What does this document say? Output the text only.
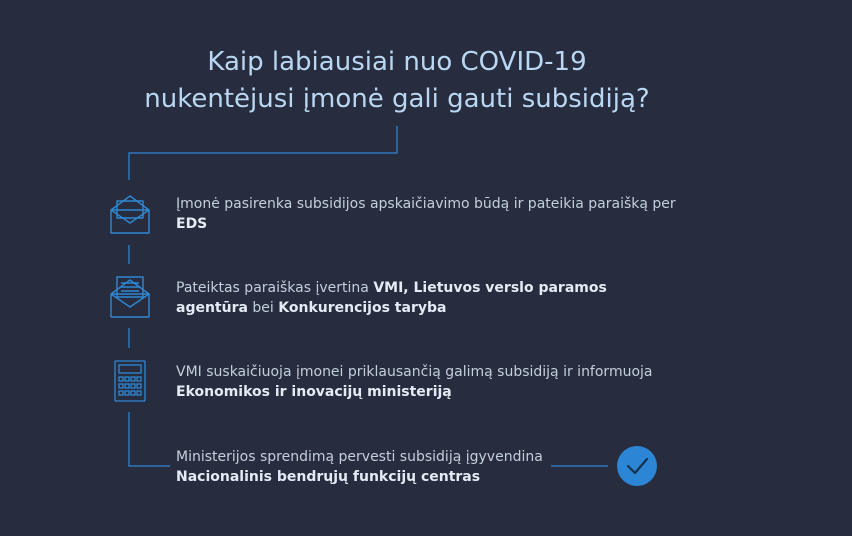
Kaip labiausiai nuo COVID-19
nukentėjusi įmonė gali gauti subsidiją?
Įmonė pasirenka subsidijos apskaičiavimo būdą ir pateikia paraišką per EDS
Pateiktas paraiškas įvertina VMI, Lietuvos verslo paramos agentūra bei Konkurencijos taryba
VMI suskaičiuoja įmonei priklausančią galimą subsidiją ir informuoja Ekonomikos ir inovacijų ministeriją
Ministerijos sprendimą pervesti subsidiją įgyvendina Nacionalinis bendrųjų funkcijų centras
